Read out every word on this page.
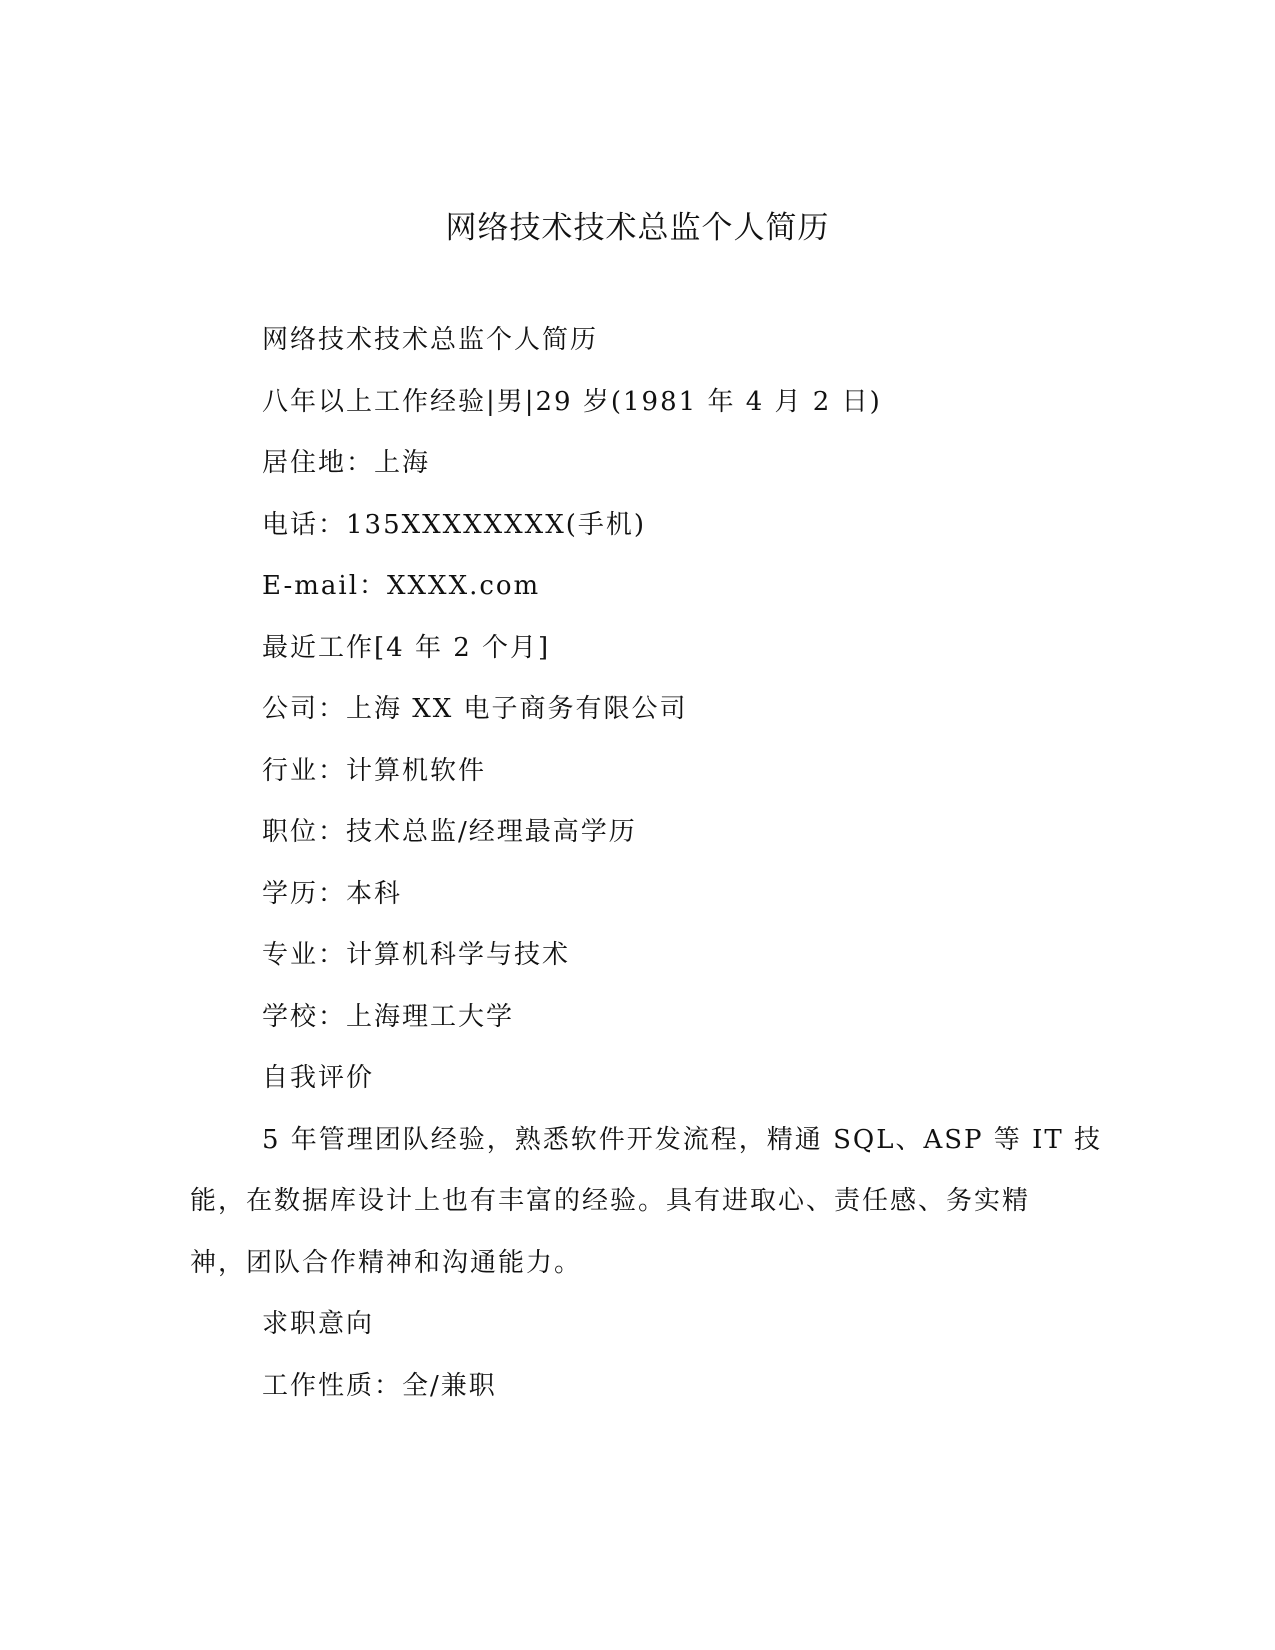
网络技术技术总监个人简历
网络技术技术总监个人简历
八年以上工作经验|男|29 岁(1981 年 4 月 2 日)
居住地：上海
电话：135XXXXXXXX(手机)
E-mail：XXXX.com
最近工作[4 年 2 个月]
公司：上海 XX 电子商务有限公司
行业：计算机软件
职位：技术总监/经理最高学历
学历：本科
专业：计算机科学与技术
学校：上海理工大学
自我评价
5 年管理团队经验，熟悉软件开发流程，精通 SQL、ASP 等 IT 技
能，在数据库设计上也有丰富的经验。具有进取心、责任感、务实精
神，团队合作精神和沟通能力。
求职意向
工作性质：全/兼职
